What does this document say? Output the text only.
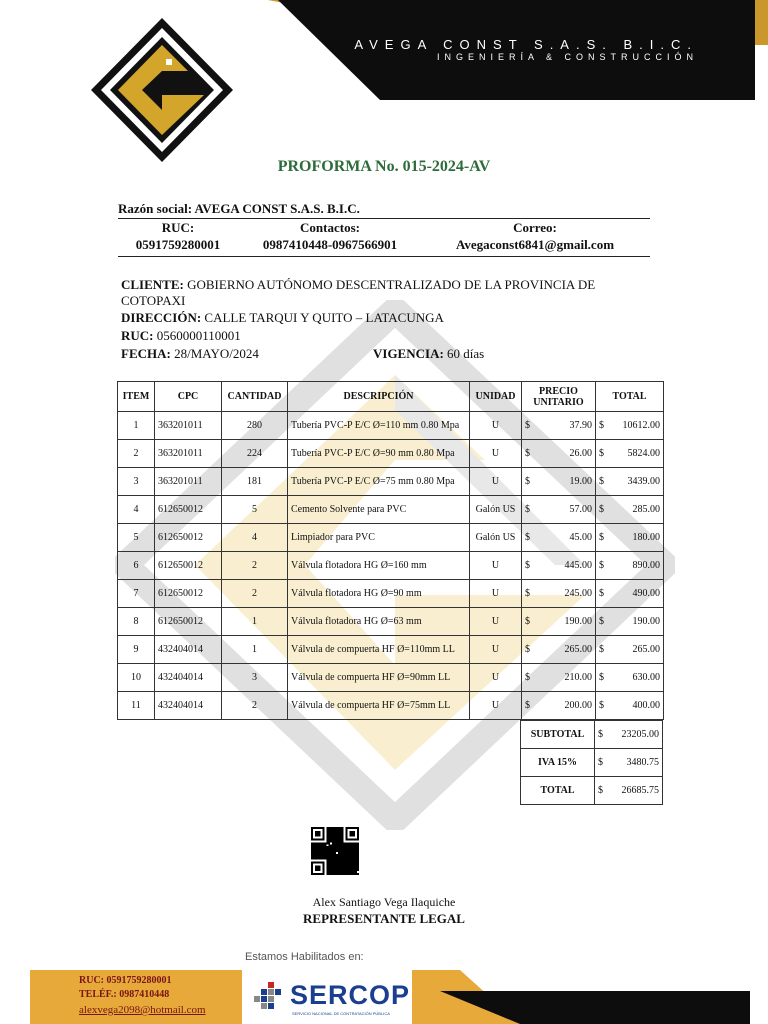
AVEGA CONST S.A.S. B.I.C.
INGENIERÍA & CONSTRUCCIÓN
PROFORMA No. 015-2024-AV
Razón social: AVEGA CONST S.A.S. B.I.C.
RUC:
0591759280001
Contactos:
0987410448-0967566901
Correo:
Avegaconst6841@gmail.com
CLIENTE: GOBIERNO AUTÓNOMO DESCENTRALIZADO DE LA PROVINCIA DE
COTOPAXI
DIRECCIÓN: CALLE TARQUI Y QUITO – LATACUNGA
RUC: 0560000110001
FECHA: 28/MAYO/2024	VIGENCIA: 60 días
ITEM	CPC	CANTIDAD	DESCRIPCIÓN	UNIDAD	PRECIO UNITARIO	TOTAL
1	363201011	280	Tubería PVC-P E/C Ø=110 mm 0.80 Mpa	U	$ 37.90	$ 10612.00

2	363201011	224	Tubería PVC-P E/C Ø=90 mm 0.80 Mpa	U	$ 26.00	$ 5824.00

3	363201011	181	Tubería PVC-P E/C Ø=75 mm 0.80 Mpa	U	$ 19.00	$ 3439.00

4	612650012	5	Cemento Solvente para PVC	Galón US	$ 57.00	$ 285.00

5	612650012	4	Limpiador para PVC	Galón US	$ 45.00	$ 180.00

6	612650012	2	Válvula flotadora HG Ø=160 mm	U	$ 445.00	$ 890.00

7	612650012	2	Válvula flotadora HG Ø=90 mm	U	$ 245.00	$ 490.00

8	612650012	1	Válvula flotadora HG Ø=63 mm	U	$ 190.00	$ 190.00

9	432404014	1	Válvula de compuerta HF Ø=110mm LL	U	$ 265.00	$ 265.00

10	432404014	3	Válvula de compuerta HF Ø=90mm LL	U	$ 210.00	$ 630.00

11	432404014	2	Válvula de compuerta HF Ø=75mm LL	U	$ 200.00	$ 400.00
SUBTOTAL	$ 23205.00

IVA 15%	$ 3480.75

TOTAL	$ 26685.75
Alex Santiago Vega Ilaquiche
REPRESENTANTE LEGAL
Estamos Habilitados en:
RUC: 0591759280001
TELÉF.: 0987410448
alexvega2098@hotmail.com	SERCOP
SERVICIO NACIONAL DE CONTRATACIÓN PÚBLICA
